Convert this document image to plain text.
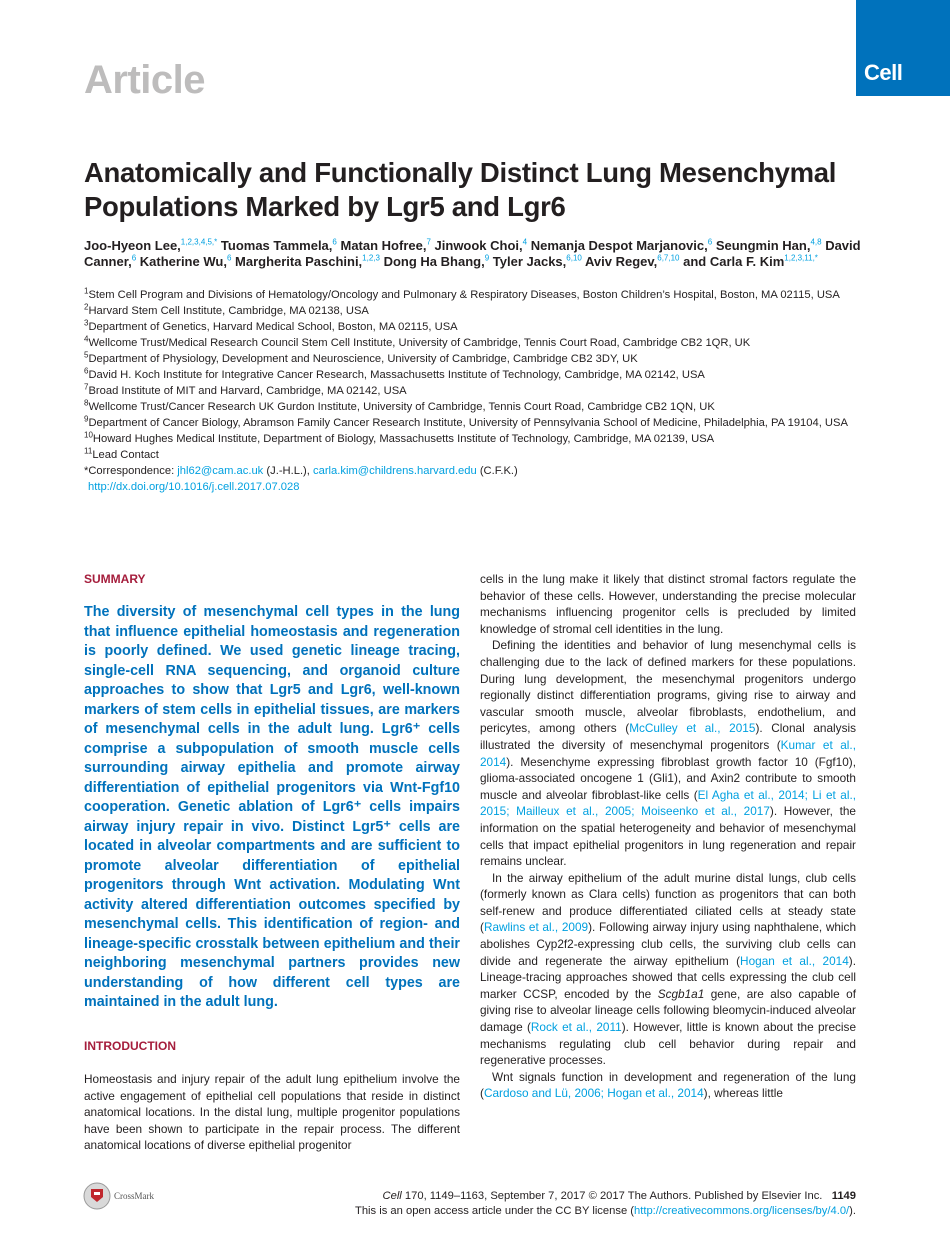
Article	Cell
Anatomically and Functionally Distinct Lung Mesenchymal Populations Marked by Lgr5 and Lgr6
Joo-Hyeon Lee,$^{1,2,3,4,5,*}$ Tuomas Tammela,$^6$ Matan Hofree,$^7$ Jinwook Choi,$^4$ Nemanja Despot Marjanovic,$^6$ Seungmin Han,$^{4,8}$ David Canner,$^6$ Katherine Wu,$^6$ Margherita Paschini,$^{1,2,3}$ Dong Ha Bhang,$^9$ Tyler Jacks,$^{6,10}$ Aviv Regev,$^{6,7,10}$ and Carla F. Kim$^{1,2,3,11,*}$
$^1$Stem Cell Program and Divisions of Hematology/Oncology and Pulmonary & Respiratory Diseases, Boston Children’s Hospital, Boston, MA 02115, USA
$^2$Harvard Stem Cell Institute, Cambridge, MA 02138, USA
$^3$Department of Genetics, Harvard Medical School, Boston, MA 02115, USA
$^4$Wellcome Trust/Medical Research Council Stem Cell Institute, University of Cambridge, Tennis Court Road, Cambridge CB2 1QR, UK
$^5$Department of Physiology, Development and Neuroscience, University of Cambridge, Cambridge CB2 3DY, UK
$^6$David H. Koch Institute for Integrative Cancer Research, Massachusetts Institute of Technology, Cambridge, MA 02142, USA
$^7$Broad Institute of MIT and Harvard, Cambridge, MA 02142, USA
$^8$Wellcome Trust/Cancer Research UK Gurdon Institute, University of Cambridge, Tennis Court Road, Cambridge CB2 1QN, UK
$^9$Department of Cancer Biology, Abramson Family Cancer Research Institute, University of Pennsylvania School of Medicine, Philadelphia, PA 19104, USA
$^{10}$Howard Hughes Medical Institute, Department of Biology, Massachusetts Institute of Technology, Cambridge, MA 02139, USA
$^{11}$Lead Contact
*Correspondence: jhl62@cam.ac.uk (J.-H.L.), carla.kim@childrens.harvard.edu (C.F.K.)
http://dx.doi.org/10.1016/j.cell.2017.07.028
SUMMARY
The diversity of mesenchymal cell types in the lung that influence epithelial homeostasis and regeneration is poorly defined. We used genetic lineage tracing, single-cell RNA sequencing, and organoid culture approaches to show that Lgr5 and Lgr6, well-known markers of stem cells in epithelial tissues, are markers of mesenchymal cells in the adult lung. Lgr6⁺ cells comprise a subpopulation of smooth muscle cells surrounding airway epithelia and promote airway differentiation of epithelial progenitors via Wnt-Fgf10 cooperation. Genetic ablation of Lgr6⁺ cells impairs airway injury repair in vivo. Distinct Lgr5⁺ cells are located in alveolar compartments and are sufficient to promote alveolar differentiation of epithelial progenitors through Wnt activation. Modulating Wnt activity altered differentiation outcomes specified by mesenchymal cells. This identification of region- and lineage-specific crosstalk between epithelium and their neighboring mesenchymal partners provides new understanding of how different cell types are maintained in the adult lung.
INTRODUCTION
Homeostasis and injury repair of the adult lung epithelium involve the active engagement of epithelial cell populations that reside in distinct anatomical locations. In the distal lung, multiple progenitor populations have been shown to participate in the repair process. The different anatomical locations of diverse epithelial progenitor

cells in the lung make it likely that distinct stromal factors regulate the behavior of these cells. However, understanding the precise molecular mechanisms influencing progenitor cells is precluded by limited knowledge of stromal cell identities in the lung.

Defining the identities and behavior of lung mesenchymal cells is challenging due to the lack of defined markers for these populations. During lung development, the mesenchymal progenitors undergo regionally distinct differentiation programs, giving rise to airway and vascular smooth muscle, alveolar fibroblasts, endothelium, and pericytes, among others (McCulley et al., 2015). Clonal analysis illustrated the diversity of mesenchymal progenitors (Kumar et al., 2014). Mesenchyme expressing fibroblast growth factor 10 (Fgf10), glioma-associated oncogene 1 (Gli1), and Axin2 contribute to smooth muscle and alveolar fibroblast-like cells (El Agha et al., 2014; Li et al., 2015; Mailleux et al., 2005; Moiseenko et al., 2017). However, the information on the spatial heterogeneity and behavior of mesenchymal cells that impact epithelial progenitors in lung regeneration and repair remains unclear.

In the airway epithelium of the adult murine distal lungs, club cells (formerly known as Clara cells) function as progenitors that can both self-renew and produce differentiated ciliated cells at steady state (Rawlins et al., 2009). Following airway injury using naphthalene, which abolishes Cyp2f2-expressing club cells, the surviving club cells can divide and regenerate the airway epithelium (Hogan et al., 2014). Lineage-tracing approaches showed that cells expressing the club cell marker CCSP, encoded by the Scgb1a1 gene, are also capable of giving rise to alveolar lineage cells following bleomycin-induced alveolar damage (Rock et al., 2011). However, little is known about the precise mechanisms regulating club cell behavior during repair and regenerative processes.

Wnt signals function in development and regeneration of the lung (Cardoso and Lü, 2006; Hogan et al., 2014), whereas little

CrossMark	Cell 170, 1149–1163, September 7, 2017 © 2017 The Authors. Published by Elsevier Inc. 1149
This is an open access article under the CC BY license (http://creativecommons.org/licenses/by/4.0/).
